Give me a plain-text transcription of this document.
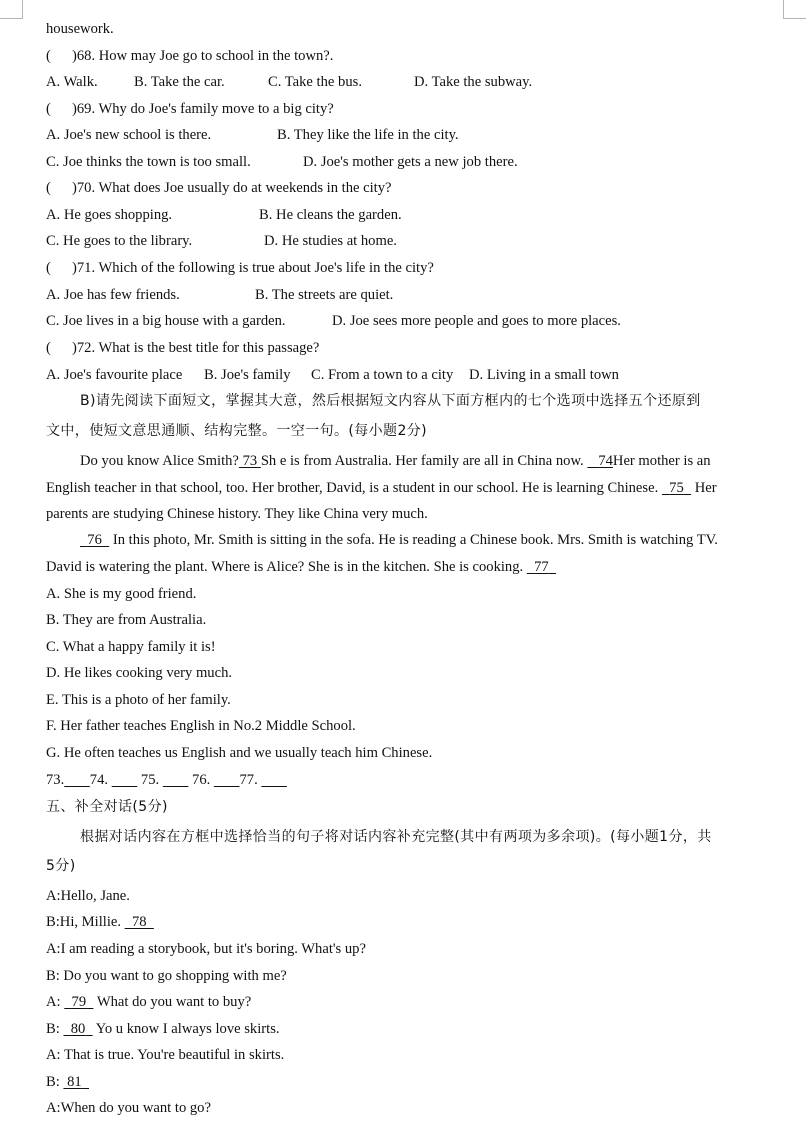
housework.
( )68. How may Joe go to school in the town?.
A. Walk. B. Take the car.	C. Take the bus.	D. Take the subway.
( )69. Why do Joe's family move to a big city?
A. Joe's new school is there.	B. They like the life in the city.
C. Joe thinks the town is too small.	D. Joe's mother gets a new job there.
( )70. What does Joe usually do at weekends in the city?
A. He goes shopping.	B. He cleans the garden.
C. He goes to the library.	D. He studies at home.
( )71. Which of the following is true about Joe's life in the city?
A. Joe has few friends.	B. The streets are quiet.
C. Joe lives in a big house with a garden.	D. Joe sees more people and goes to more places.
( )72. What is the best title for this passage?
A. Joe's favourite place B. Joe's family C. From a town to a city D. Living in a small town
B)请先阅读下面短文，掌握其大意，然后根据短文内容从下面方框内的七个选项中选择五个还原到
文中，使短文意思通顺、结构完整。一空一句。(每小题2分)
Do you know Alice Smith? 73 Sh e is from Australia. Her family are all in China now. 74Her mother is an
English teacher in that school, too. Her brother, David, is a student in our school. He is learning Chinese. 75 Her
parents are studying Chinese history. They like China very much.
76 In this photo, Mr. Smith is sitting in the sofa. He is reading a Chinese book. Mrs. Smith is watching TV.
David is watering the plant. Where is Alice? She is in the kitchen. She is cooking. 77
A. She is my good friend.
B. They are from Australia.
C. What a happy family it is!
D. He likes cooking very much.
E. This is a photo of her family.
F. Her father teaches English in No.2 Middle School.
G. He often teaches us English and we usually teach him Chinese.
73. 74. 75. 76. 77.
五、补全对话(5分)
根据对话内容在方框中选择恰当的句子将对话内容补充完整(其中有两项为多余项)。(每小题1分，共
5分)
A:Hello, Jane.
B:Hi, Millie. 78
A:I am reading a storybook, but it's boring. What's up?
B: Do you want to go shopping with me?
A: 79 What do you want to buy?
B: 80 Yo u know I always love skirts.
A: That is true. You're beautiful in skirts.
B: 81
A:When do you want to go?
